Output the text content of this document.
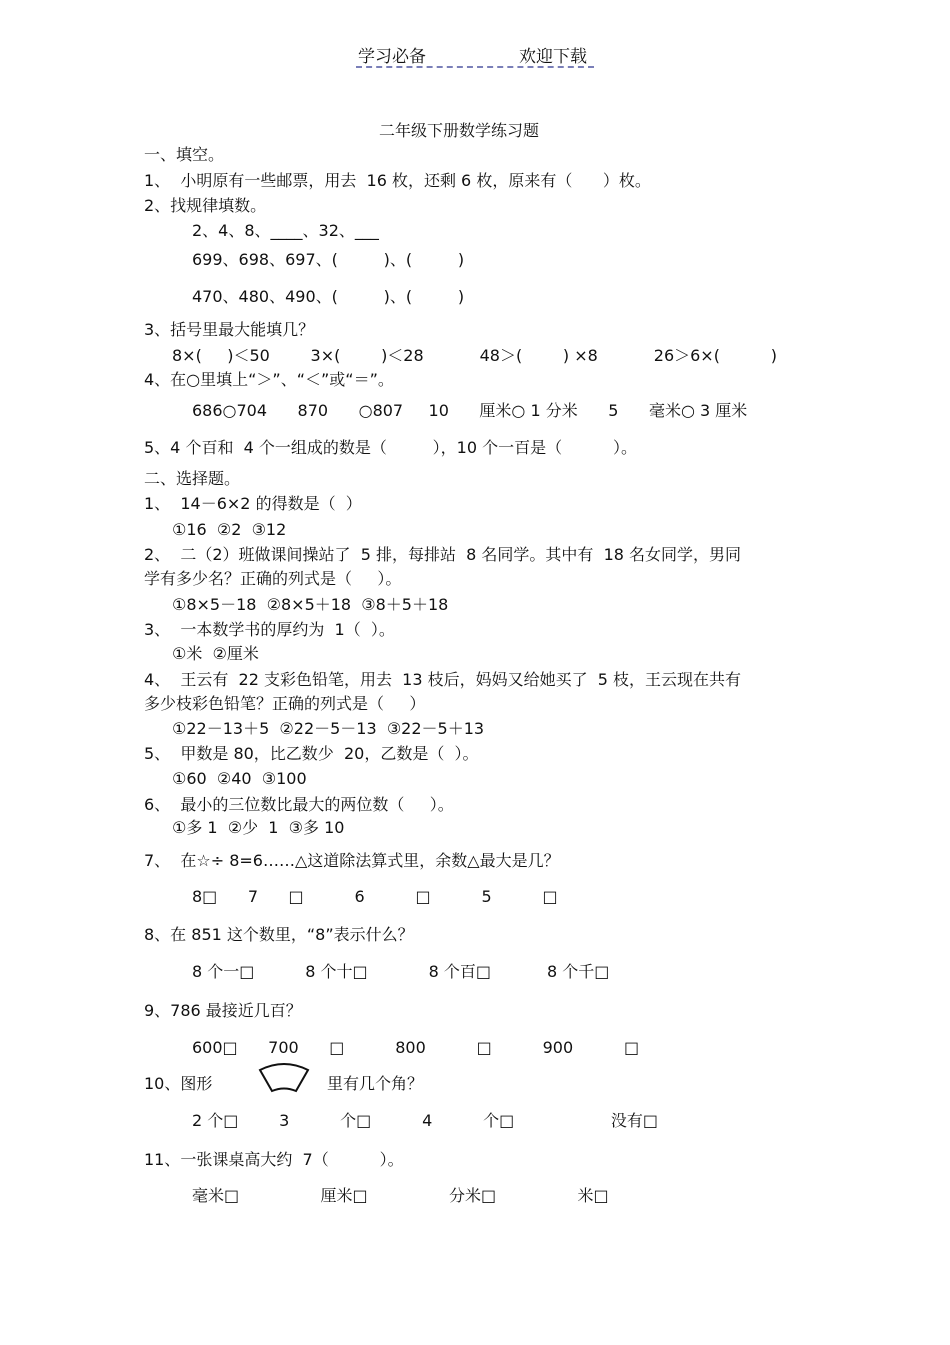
学习必备	欢迎下载
二年级下册数学练习题
一、填空。
1、  小明原有一些邮票，用去  16 枚，还剩 6 枚，原来有（      ）枚。
2、找规律填数。
2、4、8、____、32、___
699、698、697、(         )、(         )
470、480、490、(         )、(         )
3、括号里最大能填几？
8×(     )＜50        3×(        )＜28           48＞(        ) ×8           26＞6×(          )
4、在○里填上“＞”、“＜”或“＝”。
686○704      870      ○807     10      厘米○ 1 分米      5      毫米○ 3 厘米
5、4 个百和  4 个一组成的数是（         ），10 个一百是（          ）。
二、选择题。
1、  14－6×2 的得数是（  ）
①16  ②2  ③12
2、  二（2）班做课间操站了  5 排，每排站  8 名同学。其中有  18 名女同学，男同
学有多少名？正确的列式是（     ）。
①8×5－18  ②8×5＋18  ③8＋5＋18
3、  一本数学书的厚约为  1（  ）。
①米  ②厘米
4、  王云有  22 支彩色铅笔，用去  13 枝后，妈妈又给她买了  5 枝，王云现在共有
多少枝彩色铅笔？正确的列式是（     ）
①22－13＋5  ②22－5－13  ③22－5＋13
5、  甲数是 80，比乙数少  20，乙数是（  ）。
①60  ②40  ③100
6、  最小的三位数比最大的两位数（     ）。
①多 1  ②少  1  ③多 10
7、  在☆÷ 8=6……△这道除法算式里，余数△最大是几？
8□      7      □          6          □          5          □
8、在 851 这个数里，“8”表示什么？
8 个一□          8 个十□            8 个百□           8 个千□
9、786 最接近几百？
600□      700      □          800          □          900          □
10、图形	里有几个角？
2 个□        3          个□          4          个□                   没有□
11、一张课桌高大约  7（          ）。
毫米□                厘米□                分米□                米□
